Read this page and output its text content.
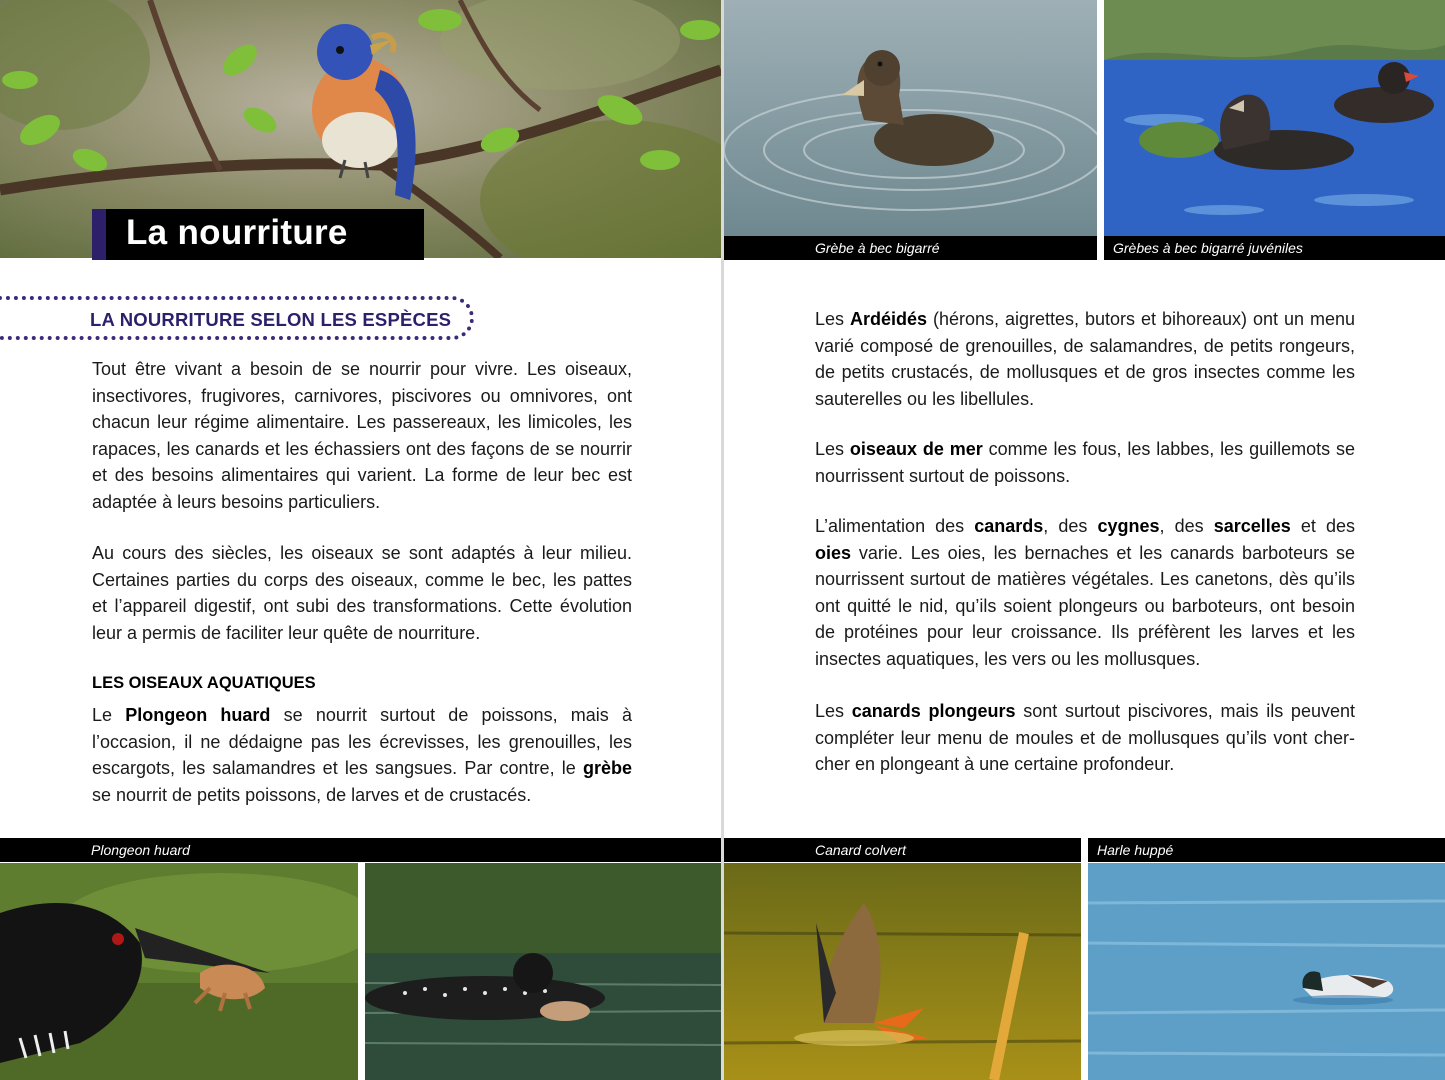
Grèbe à bec bigarré	Grèbes à bec bigarré juvéniles
Plongeon huard	Canard colvert	Harle huppé
La nourriture
LA NOURRITURE SELON LES ESPÈCES
Tout être vivant a besoin de se nourrir pour vivre. Les oiseaux, insectivores, frugivores, carnivores, piscivores ou omnivores, ont chacun leur régime alimentaire. Les passereaux, les limicoles, les rapaces, les canards et les échassiers ont des façons de se nourrir et des besoins alimentaires qui varient. La forme de leur bec est adaptée à leurs besoins particuliers.
Au cours des siècles, les oiseaux se sont adaptés à leur milieu. Certaines parties du corps des oiseaux, comme le bec, les pattes et l’appareil digestif, ont subi des transformations. Cette évolution leur a permis de faciliter leur quête de nourriture.
LES OISEAUX AQUATIQUES
Le Plongeon huard se nourrit surtout de poissons, mais à l’occasion, il ne dédaigne pas les écrevisses, les grenouilles, les escargots, les salamandres et les sangsues. Par contre, le grèbe se nourrit de petits poissons, de larves et de crustacés.
Les Ardéidés (hérons, aigrettes, butors et bihoreaux) ont un menu varié composé de grenouilles, de salamandres, de petits rongeurs, de petits crustacés, de mollusques et de gros insectes comme les sauterelles ou les libellules.
Les oiseaux de mer comme les fous, les labbes, les guillemots se nourrissent surtout de poissons.
L’alimentation des canards, des cygnes, des sarcelles et des oies varie. Les oies, les bernaches et les canards barboteurs se nourrissent surtout de matières végétales. Les canetons, dès qu’ils ont quitté le nid, qu’ils soient plongeurs ou barboteurs, ont besoin de protéines pour leur croissance. Ils préfèrent les larves et les insectes aquatiques, les vers ou les mollusques.
Les canards plongeurs sont surtout piscivores, mais ils peuvent compléter leur menu de moules et de mollusques qu’ils vont cher-cher en plongeant à une certaine profondeur.
